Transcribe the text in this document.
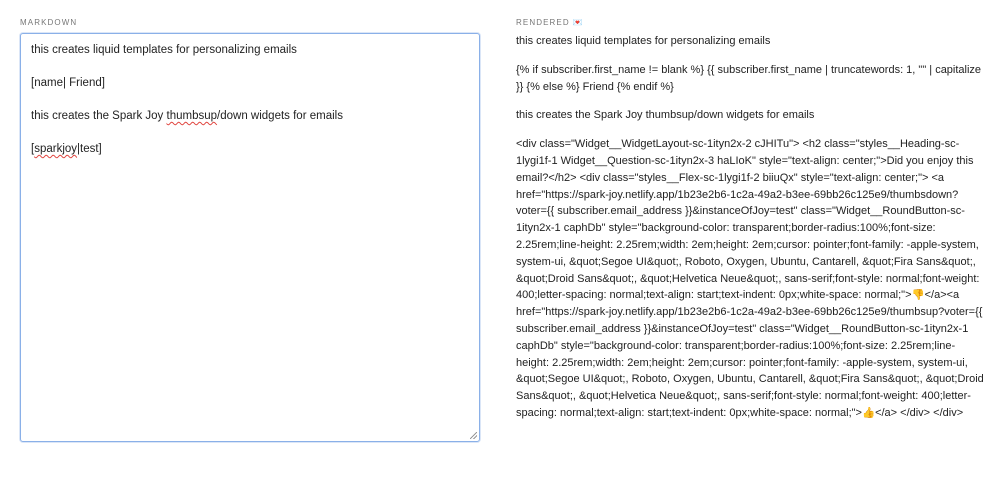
MARKDOWN

this creates liquid templates for personalizing emails

[name| Friend]

this creates the Spark Joy thumbsup/down widgets for emails

[sparkjoy|test]

RENDERED 💌

this creates liquid templates for personalizing emails

{% if subscriber.first_name != blank %} {{ subscriber.first_name | truncatewords: 1, "" | capitalize }} {% else %} Friend {% endif %}

this creates the Spark Joy thumbsup/down widgets for emails

<div class="Widget__WidgetLayout-sc-1ityn2x-2 cJHITu"> <h2 class="styles__Heading-sc-1lygi1f-1 Widget__Question-sc-1ityn2x-3 haLIoK" style="text-align: center;">Did you enjoy this email?</h2> <div class="styles__Flex-sc-1lygi1f-2 biiuQx" style="text-align: center;"> <a href="https://spark-joy.netlify.app/1b23e2b6-1c2a-49a2-b3ee-69bb26c125e9/thumbsdown?voter={{ subscriber.email_address }}&instanceOfJoy=test" class="Widget__RoundButton-sc-1ityn2x-1 caphDb" style="background-color: transparent;border-radius:100%;font-size: 2.25rem;line-height: 2.25rem;width: 2em;height: 2em;cursor: pointer;font-family: -apple-system, system-ui, &quot;Segoe UI&quot;, Roboto, Oxygen, Ubuntu, Cantarell, &quot;Fira Sans&quot;, &quot;Droid Sans&quot;, &quot;Helvetica Neue&quot;, sans-serif;font-style: normal;font-weight: 400;letter-spacing: normal;text-align: start;text-indent: 0px;white-space: normal;">👎</a><a href="https://spark-joy.netlify.app/1b23e2b6-1c2a-49a2-b3ee-69bb26c125e9/thumbsup?voter={{ subscriber.email_address }}&instanceOfJoy=test" class="Widget__RoundButton-sc-1ityn2x-1 caphDb" style="background-color: transparent;border-radius:100%;font-size: 2.25rem;line-height: 2.25rem;width: 2em;height: 2em;cursor: pointer;font-family: -apple-system, system-ui, &quot;Segoe UI&quot;, Roboto, Oxygen, Ubuntu, Cantarell, &quot;Fira Sans&quot;, &quot;Droid Sans&quot;, &quot;Helvetica Neue&quot;, sans-serif;font-style: normal;font-weight: 400;letter-spacing: normal;text-align: start;text-indent: 0px;white-space: normal;">👍</a> </div> </div>
